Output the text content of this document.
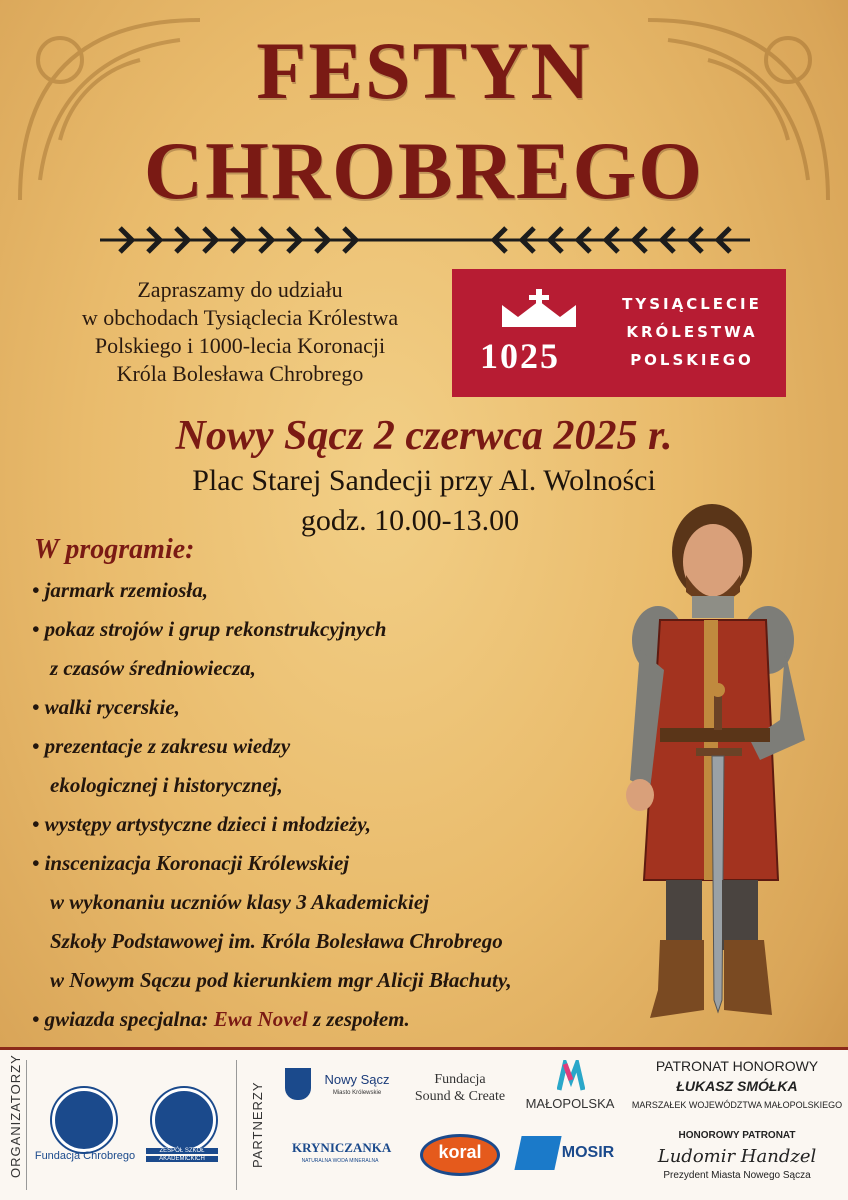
FESTYN
CHROBREGO
Zapraszamy do udziału
w obchodach Tysiąclecia Królestwa
Polskiego i 1000-lecia Koronacji
Króla Bolesława Chrobrego	1025
TYSIĄCLECIE
KRÓLESTWA
POLSKIEGO
Nowy Sącz 2 czerwca 2025 r.
Plac Starej Sandecji przy Al. Wolności
godz. 10.00-13.00
W programie:
• jarmark rzemiosła,
• pokaz strojów i grup rekonstrukcyjnych
z czasów średniowiecza,
• walki rycerskie,
• prezentacje z zakresu wiedzy
ekologicznej i historycznej,
• występy artystyczne dzieci i młodzieży,
• inscenizacja Koronacji Królewskiej
w wykonaniu uczniów klasy 3 Akademickiej
Szkoły Podstawowej im. Króla Bolesława Chrobrego
w Nowym Sączu pod kierunkiem mgr Alicji Błachuty,
• gwiazda specjalna: Ewa Novel z zespołem.
ORGANIZATORZY	Fundacja Chrobrego	ZESPÓŁ SZKÓŁ
AKADEMICKICH	PARTNERZY
Nowy Sącz
Miasto Królewskie
Fundacja
Sound & Create	MAŁOPOLSKA
PATRONAT HONOROWY
ŁUKASZ SMÓŁKA
MARSZAŁEK WOJEWÓDZTWA MAŁOPOLSKIEGO
KRYNICZANKA
NATURALNA WODA MINERALNA	koral	MOSIR
HONOROWY PATRONAT
Ludomir Handzel
Prezydent Miasta Nowego Sącza
